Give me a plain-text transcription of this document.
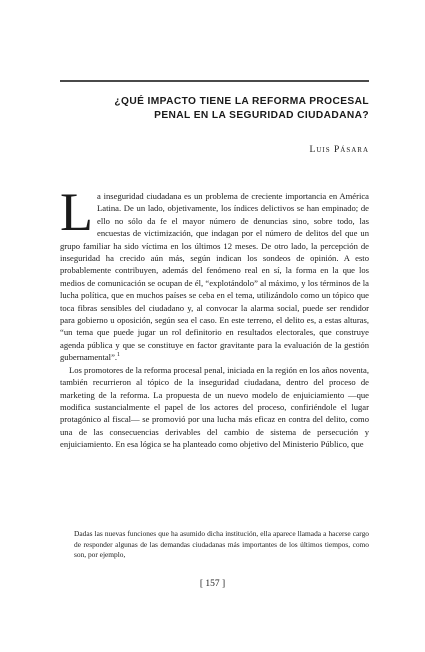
¿QUÉ IMPACTO TIENE LA REFORMA PROCESAL
PENAL EN LA SEGURIDAD CIUDADANA?
Luis Pásara

La inseguridad ciudadana es un problema de creciente importancia en América Latina. De un lado, objetivamente, los índices delictivos se han empinado; de ello no sólo da fe el mayor número de denuncias sino, sobre todo, las encuestas de victimización, que indagan por el número de delitos del que un grupo familiar ha sido víctima en los últimos 12 meses. De otro lado, la percepción de inseguridad ha crecido aún más, según indican los sondeos de opinión. A esto probablemente contribuyen, además del fenómeno real en sí, la forma en la que los medios de comunicación se ocupan de él, “explotándolo” al máximo, y los términos de la lucha política, que en muchos países se ceba en el tema, utilizándolo como un tópico que toca fibras sensibles del ciudadano y, al convocar la alarma social, puede ser rendidor para gobierno u oposición, según sea el caso. En este terreno, el delito es, a estas alturas, “un tema que puede jugar un rol definitorio en resultados electorales, que construye agenda pública y que se constituye en factor gravitante para la evaluación de la gestión gubernamental”.$^1$

Los promotores de la reforma procesal penal, iniciada en la región en los años noventa, también recurrieron al tópico de la inseguridad ciudadana, dentro del proceso de marketing de la reforma. La propuesta de un nuevo modelo de enjuiciamiento —que modifica sustancialmente el papel de los actores del proceso, confiriéndole el lugar protagónico al fiscal— se promovió por una lucha más eficaz en contra del delito, como una de las consecuencias derivables del cambio de sistema de persecución y enjuiciamiento. En esa lógica se ha planteado como objetivo del Ministerio Público, que

Dadas las nuevas funciones que ha asumido dicha institución, ella aparece llamada a hacerse cargo de responder algunas de las demandas ciudadanas más importantes de los últimos tiempos, como son, por ejemplo,
[ 157 ]
